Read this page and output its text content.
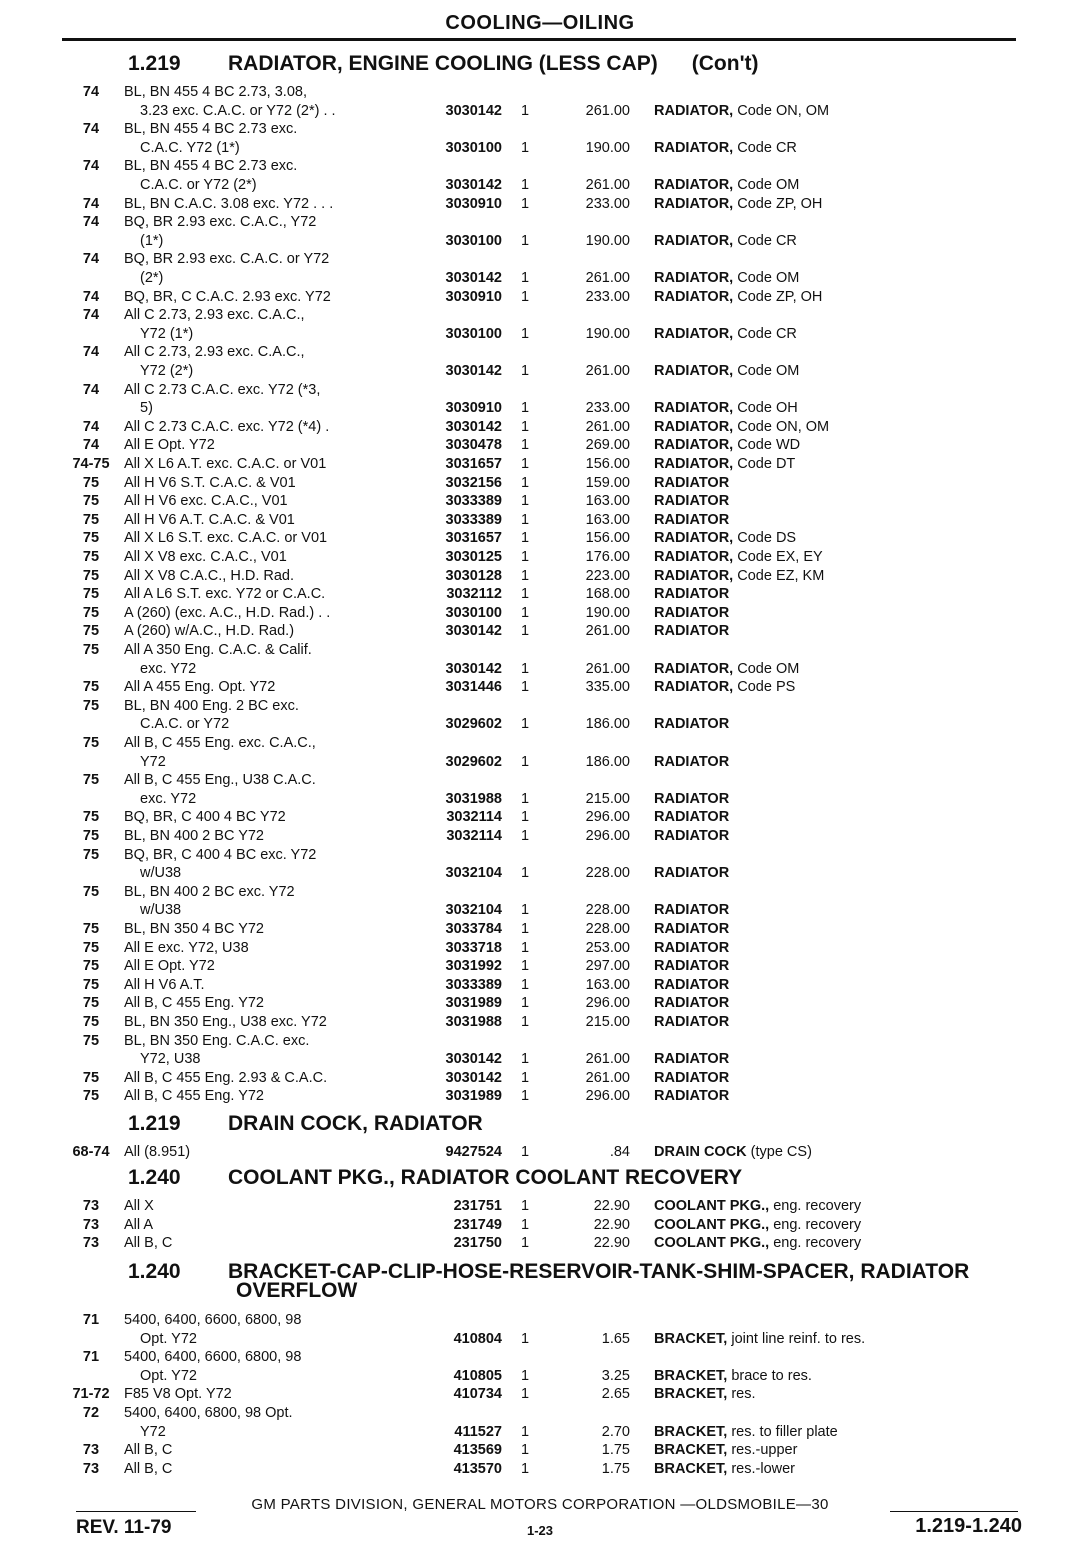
COOLING—OILING
1.219 RADIATOR, ENGINE COOLING (LESS CAP) (Con't)
74	BL, BN 455 4 BC 2.73, 3.08,
3.23 exc. C.A.C. or Y72 (2*) . .	3030142	1	261.00 RADIATOR, Code ON, OM
74	BL, BN 455 4 BC 2.73 exc.
C.A.C. Y72 (1*)	3030100	1	190.00 RADIATOR, Code CR
74	BL, BN 455 4 BC 2.73 exc.
C.A.C. or Y72 (2*)	3030142	1	261.00 RADIATOR, Code OM
74	BL, BN C.A.C. 3.08 exc. Y72 . . .	3030910	1	233.00 RADIATOR, Code ZP, OH
74	BQ, BR 2.93 exc. C.A.C., Y72
(1*)	3030100	1	190.00 RADIATOR, Code CR
74	BQ, BR 2.93 exc. C.A.C. or Y72
(2*)	3030142	1	261.00 RADIATOR, Code OM
74	BQ, BR, C C.A.C. 2.93 exc. Y72	3030910	1	233.00 RADIATOR, Code ZP, OH
74	All C 2.73, 2.93 exc. C.A.C.,
Y72 (1*)	3030100	1	190.00 RADIATOR, Code CR
74	All C 2.73, 2.93 exc. C.A.C.,
Y72 (2*)	3030142	1	261.00 RADIATOR, Code OM
74	All C 2.73 C.A.C. exc. Y72 (*3,
5)	3030910	1	233.00 RADIATOR, Code OH
74	All C 2.73 C.A.C. exc. Y72 (*4) .	3030142	1	261.00 RADIATOR, Code ON, OM
74	All E Opt. Y72	3030478	1	269.00 RADIATOR, Code WD
74-75 All X L6 A.T. exc. C.A.C. or V01	3031657	1	156.00 RADIATOR, Code DT
75	All H V6 S.T. C.A.C. & V01	3032156	1	159.00 RADIATOR
75	All H V6 exc. C.A.C., V01	3033389	1	163.00 RADIATOR
75	All H V6 A.T. C.A.C. & V01	3033389	1	163.00 RADIATOR
75	All X L6 S.T. exc. C.A.C. or V01	3031657	1	156.00 RADIATOR, Code DS
75	All X V8 exc. C.A.C., V01	3030125	1	176.00 RADIATOR, Code EX, EY
75	All X V8 C.A.C., H.D. Rad.	3030128	1	223.00 RADIATOR, Code EZ, KM
75	All A L6 S.T. exc. Y72 or C.A.C.	3032112	1	168.00 RADIATOR
75	A (260) (exc. A.C., H.D. Rad.) . .	3030100	1	190.00 RADIATOR
75	A (260) w/A.C., H.D. Rad.)	3030142	1	261.00 RADIATOR
75	All A 350 Eng. C.A.C. & Calif.
exc. Y72	3030142	1	261.00 RADIATOR, Code OM
75	All A 455 Eng. Opt. Y72	3031446	1	335.00 RADIATOR, Code PS
75	BL, BN 400 Eng. 2 BC exc.
C.A.C. or Y72	3029602	1	186.00 RADIATOR
75	All B, C 455 Eng. exc. C.A.C.,
Y72	3029602	1	186.00 RADIATOR
75	All B, C 455 Eng., U38 C.A.C.
exc. Y72	3031988	1	215.00 RADIATOR
75	BQ, BR, C 400 4 BC Y72	3032114	1	296.00 RADIATOR
75	BL, BN 400 2 BC Y72	3032114	1	296.00 RADIATOR
75	BQ, BR, C 400 4 BC exc. Y72
w/U38	3032104	1	228.00 RADIATOR
75	BL, BN 400 2 BC exc. Y72
w/U38	3032104	1	228.00 RADIATOR
75	BL, BN 350 4 BC Y72	3033784	1	228.00 RADIATOR
75	All E exc. Y72, U38	3033718	1	253.00 RADIATOR
75	All E Opt. Y72	3031992	1	297.00 RADIATOR
75	All H V6 A.T.	3033389	1	163.00 RADIATOR
75	All B, C 455 Eng. Y72	3031989	1	296.00 RADIATOR
75	BL, BN 350 Eng., U38 exc. Y72	3031988	1	215.00 RADIATOR
75	BL, BN 350 Eng. C.A.C. exc.
Y72, U38	3030142	1	261.00 RADIATOR
75	All B, C 455 Eng. 2.93 & C.A.C.	3030142	1	261.00 RADIATOR
75	All B, C 455 Eng. Y72	3031989	1	296.00 RADIATOR
1.219 DRAIN COCK, RADIATOR
68-74 All (8.951)	9427524	1	.84 DRAIN COCK (type CS)
1.240 COOLANT PKG., RADIATOR COOLANT RECOVERY
73	All X	231751	1	22.90 COOLANT PKG., eng. recovery
73	All A	231749	1	22.90 COOLANT PKG., eng. recovery
73	All B, C	231750	1	22.90 COOLANT PKG., eng. recovery
1.240 BRACKET-CAP-CLIP-HOSE-RESERVOIR-TANK-SHIM-SPACER, RADIATOR
OVERFLOW
71	5400, 6400, 6600, 6800, 98
Opt. Y72	410804	1	1.65 BRACKET, joint line reinf. to res.
71	5400, 6400, 6600, 6800, 98
Opt. Y72	410805	1	3.25 BRACKET, brace to res.
71-72 F85 V8 Opt. Y72	410734	1	2.65 BRACKET, res.
72	5400, 6400, 6800, 98 Opt.
Y72	411527	1	2.70 BRACKET, res. to filler plate
73	All B, C	413569	1	1.75 BRACKET, res.-upper
73	All B, C	413570	1	1.75 BRACKET, res.-lower
GM PARTS DIVISION, GENERAL MOTORS CORPORATION —OLDSMOBILE—30
REV. 11-79	1-23	1.219-1.240
